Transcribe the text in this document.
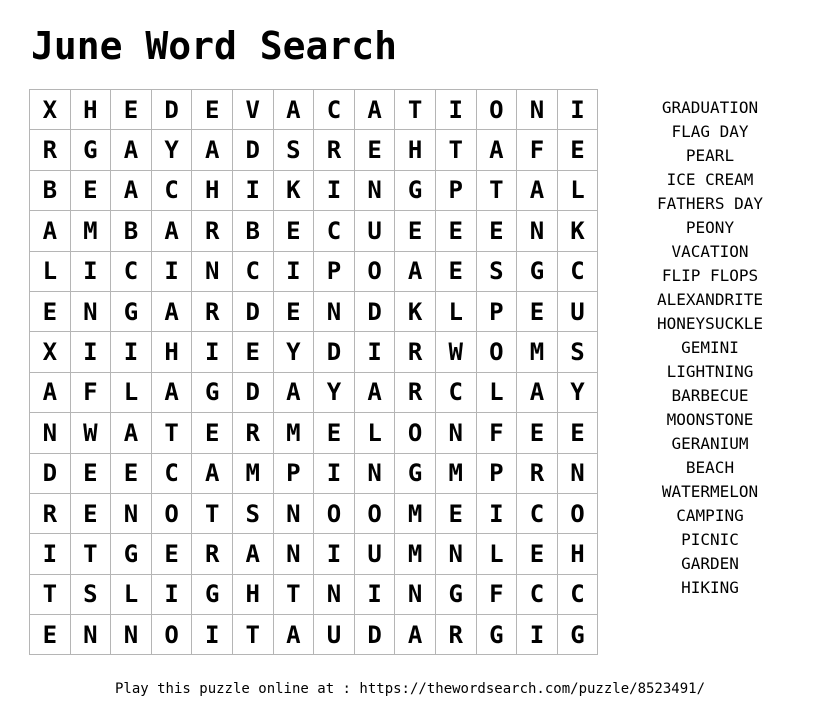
June Word Search
X	H	E	D	E	V	A	C	A	T	I	O	N	I
R	G	A	Y	A	D	S	R	E	H	T	A	F	E
B	E	A	C	H	I	K	I	N	G	P	T	A	L
A	M	B	A	R	B	E	C	U	E	E	E	N	K
L	I	C	I	N	C	I	P	O	A	E	S	G	C
E	N	G	A	R	D	E	N	D	K	L	P	E	U
X	I	I	H	I	E	Y	D	I	R	W	O	M	S
A	F	L	A	G	D	A	Y	A	R	C	L	A	Y
N	W	A	T	E	R	M	E	L	O	N	F	E	E
D	E	E	C	A	M	P	I	N	G	M	P	R	N
R	E	N	O	T	S	N	O	O	M	E	I	C	O
I	T	G	E	R	A	N	I	U	M	N	L	E	H
T	S	L	I	G	H	T	N	I	N	G	F	C	C
E	N	N	O	I	T	A	U	D	A	R	G	I	G
GRADUATION
FLAG DAY
PEARL
ICE CREAM
FATHERS DAY
PEONY
VACATION
FLIP FLOPS
ALEXANDRITE
HONEYSUCKLE
GEMINI
LIGHTNING
BARBECUE
MOONSTONE
GERANIUM
BEACH
WATERMELON
CAMPING
PICNIC
GARDEN
HIKING
Play this puzzle online at : https://thewordsearch.com/puzzle/8523491/
